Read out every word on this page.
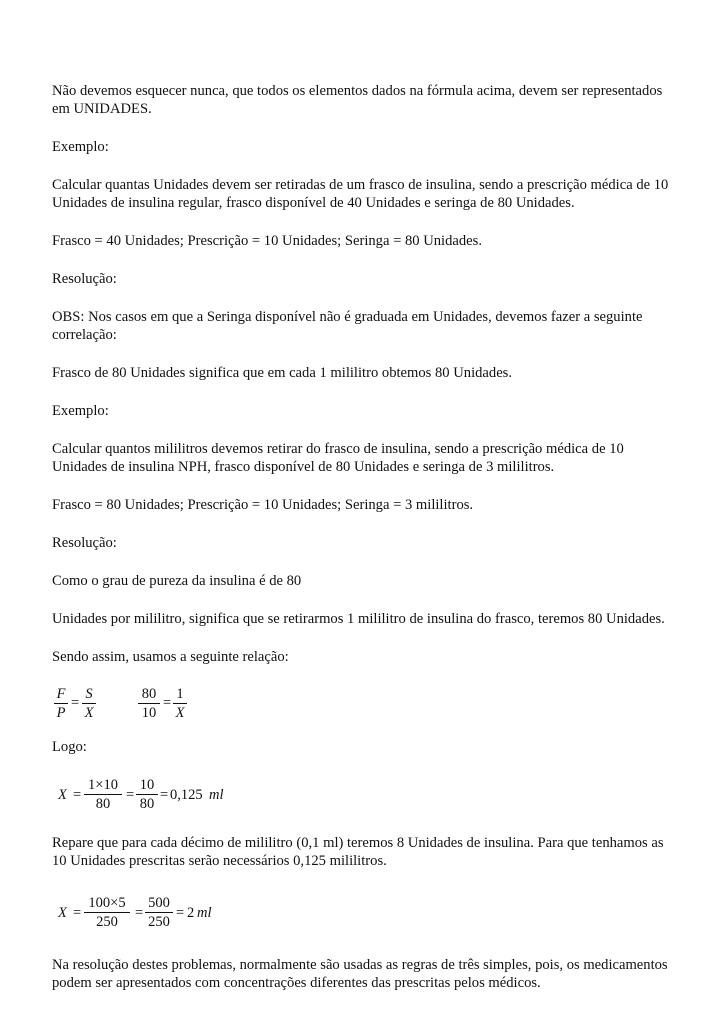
Não devemos esquecer nunca, que todos os elementos dados na fórmula acima, devem ser representados

em UNIDADES.

Exemplo:

Calcular quantas Unidades devem ser retiradas de um frasco de insulina, sendo a prescrição médica de 10

Unidades de insulina regular, frasco disponível de 40 Unidades e seringa de 80 Unidades.

Frasco = 40 Unidades; Prescrição = 10 Unidades; Seringa = 80 Unidades.

Resolução:

OBS: Nos casos em que a Seringa disponível não é graduada em Unidades, devemos fazer a seguinte

correlação:

Frasco de 80 Unidades significa que em cada 1 mililitro obtemos 80 Unidades.

Exemplo:

Calcular quantos mililitros devemos retirar do frasco de insulina, sendo a prescrição médica de 10

Unidades de insulina NPH, frasco disponível de 80 Unidades e seringa de 3 mililitros.

Frasco = 80 Unidades; Prescrição = 10 Unidades; Seringa = 3 mililitros.

Resolução:

Como o grau de pureza da insulina é de 80

Unidades por mililitro, significa que se retirarmos 1 mililitro de insulina do frasco, teremos 80 Unidades.

Sendo assim, usamos a seguinte relação:

F
P
=
S
X
80
10
=
1
X

Logo:

X =
1×10
80
=
10
80
= 0,125 ml

Repare que para cada décimo de mililitro (0,1 ml) teremos 8 Unidades de insulina. Para que tenhamos as

10 Unidades prescritas serão necessários 0,125 mililitros.

X =
100×5
250
=
500
250
= 2 ml

Na resolução destes problemas, normalmente são usadas as regras de três simples, pois, os medicamentos

podem ser apresentados com concentrações diferentes das prescritas pelos médicos.
